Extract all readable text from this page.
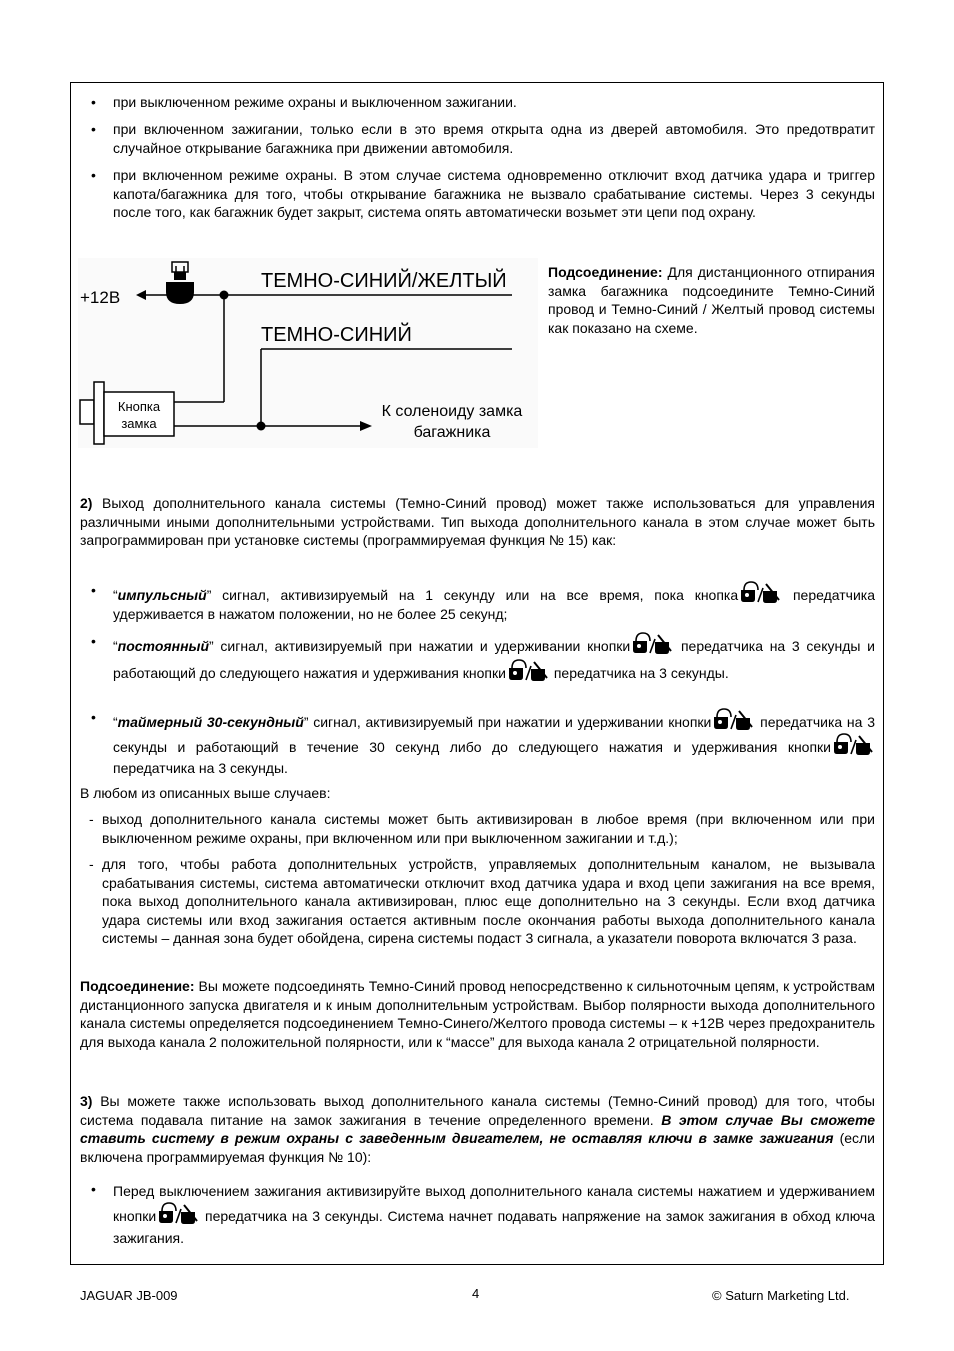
• при выключенном режиме охраны и выключенном зажигании.

• при включенном зажигании, только если в это время открыта одна из дверей автомобиля. Это предотвратит случайное открывание багажника при движении автомобиля.

• при включенном режиме охраны. В этом случае система одновременно отключит вход датчика удара и триггер капота/багажника для того, чтобы открывание багажника не вызвало срабатывание системы. Через 3 секунды после того, как багажник будет закрыт, система опять автоматически возьмет эти цепи под охрану.

Кнопка
замка
+12В
ТЕМНО-СИНИЙ/ЖЕЛТЫЙ
ТЕМНО-СИНИЙ
К соленоиду замка
багажника

Подсоединение: Для дистанционного отпирания замка багажника подсоедините Темно-Синий провод и Темно-Синий / Желтый провод системы как показано на схеме.

2) Выход дополнительного канала системы (Темно-Синий провод) может также использоваться для управления различными иными дополнительными устройствами. Тип выхода дополнительного канала в этом случае может быть запрограммирован при установке системы (программируемая функция № 15) как:

• “импульсный” сигнал, активизируемый на 1 секунду или на все время, пока кнопка	передатчика удерживается в нажатом положении, но не более 25 секунд;

• “постоянный” сигнал, активизируемый при нажатии и удерживании кнопки	передатчика на 3 секунды и работающий до следующего нажатия и удерживания кнопки	передатчика на 3 секунды.

• “таймерный 30-секундный” сигнал, активизируемый при нажатии и удерживании кнопки	передатчика на 3 секунды и работающий в течение 30 секунд либо до следующего нажатия и удерживания кнопки передатчика на 3 секунды.

В любом из описанных выше случаев:

- выход дополнительного канала системы может быть активизирован в любое время (при включенном или при выключенном режиме охраны, при включенном или при выключенном зажигании и т.д.);

- для того, чтобы работа дополнительных устройств, управляемых дополнительным каналом, не вызывала срабатывания системы, система автоматически отключит вход датчика удара и вход цепи зажигания на все время, пока выход дополнительного канала активизирован, плюс еще дополнительно на 3 секунды. Если вход датчика удара системы или вход зажигания остается активным после окончания работы выхода дополнительного канала системы – данная зона будет обойдена, сирена системы подаст 3 сигнала, а указатели поворота включатся 3 раза.

Подсоединение: Вы можете подсоединять Темно-Синий провод непосредственно к сильноточным цепям, к устройствам дистанционного запуска двигателя и к иным дополнительным устройствам. Выбор полярности выхода дополнительного канала системы определяется подсоединением Темно-Синего/Желтого провода системы – к +12В через предохранитель для выхода канала 2 положительной полярности, или к “массе” для выхода канала 2 отрицательной полярности.

3) Вы можете также использовать выход дополнительного канала системы (Темно-Синий провод) для того, чтобы система подавала питание на замок зажигания в течение определенного времени. В этом случае Вы сможете ставить систему в режим охраны с заведенным двигателем, не оставляя ключи в замке зажигания (если включена программируемая функция № 10):

• Перед выключением зажигания активизируйте выход дополнительного канала системы нажатием и удерживанием кнопки	передатчика на 3 секунды. Система начнет подавать напряжение на замок зажигания в обход ключа зажигания.

JAGUAR JB-009	4	© Saturn Marketing Ltd.
